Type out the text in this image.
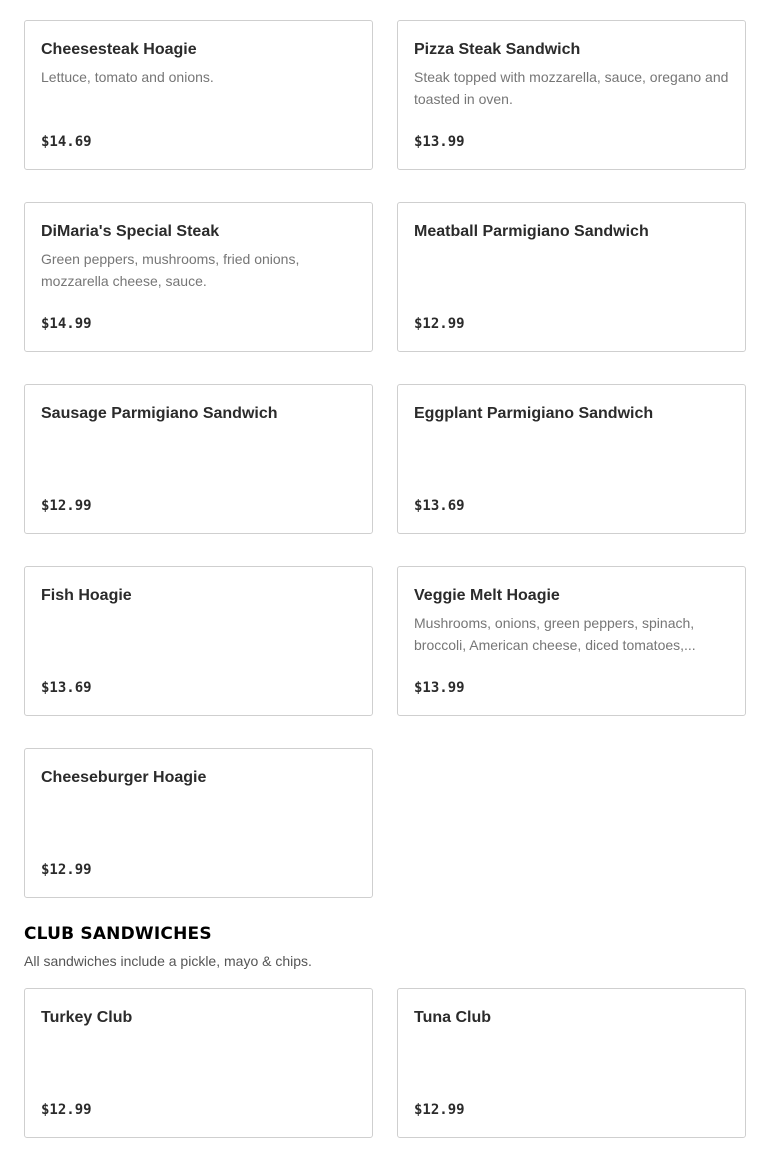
Cheesesteak Hoagie
Lettuce, tomato and onions.
$14.69
Pizza Steak Sandwich
Steak topped with mozzarella, sauce, oregano and toasted in oven.
$13.99
DiMaria's Special Steak
Green peppers, mushrooms, fried onions, mozzarella cheese, sauce.
$14.99
Meatball Parmigiano Sandwich
$12.99
Sausage Parmigiano Sandwich
$12.99
Eggplant Parmigiano Sandwich
$13.69
Fish Hoagie
$13.69
Veggie Melt Hoagie
Mushrooms, onions, green peppers, spinach, broccoli, American cheese, diced tomatoes,...
$13.99
Cheeseburger Hoagie
$12.99
CLUB SANDWICHES

All sandwiches include a pickle, mayo & chips.

Turkey Club
$12.99
Tuna Club
$12.99
